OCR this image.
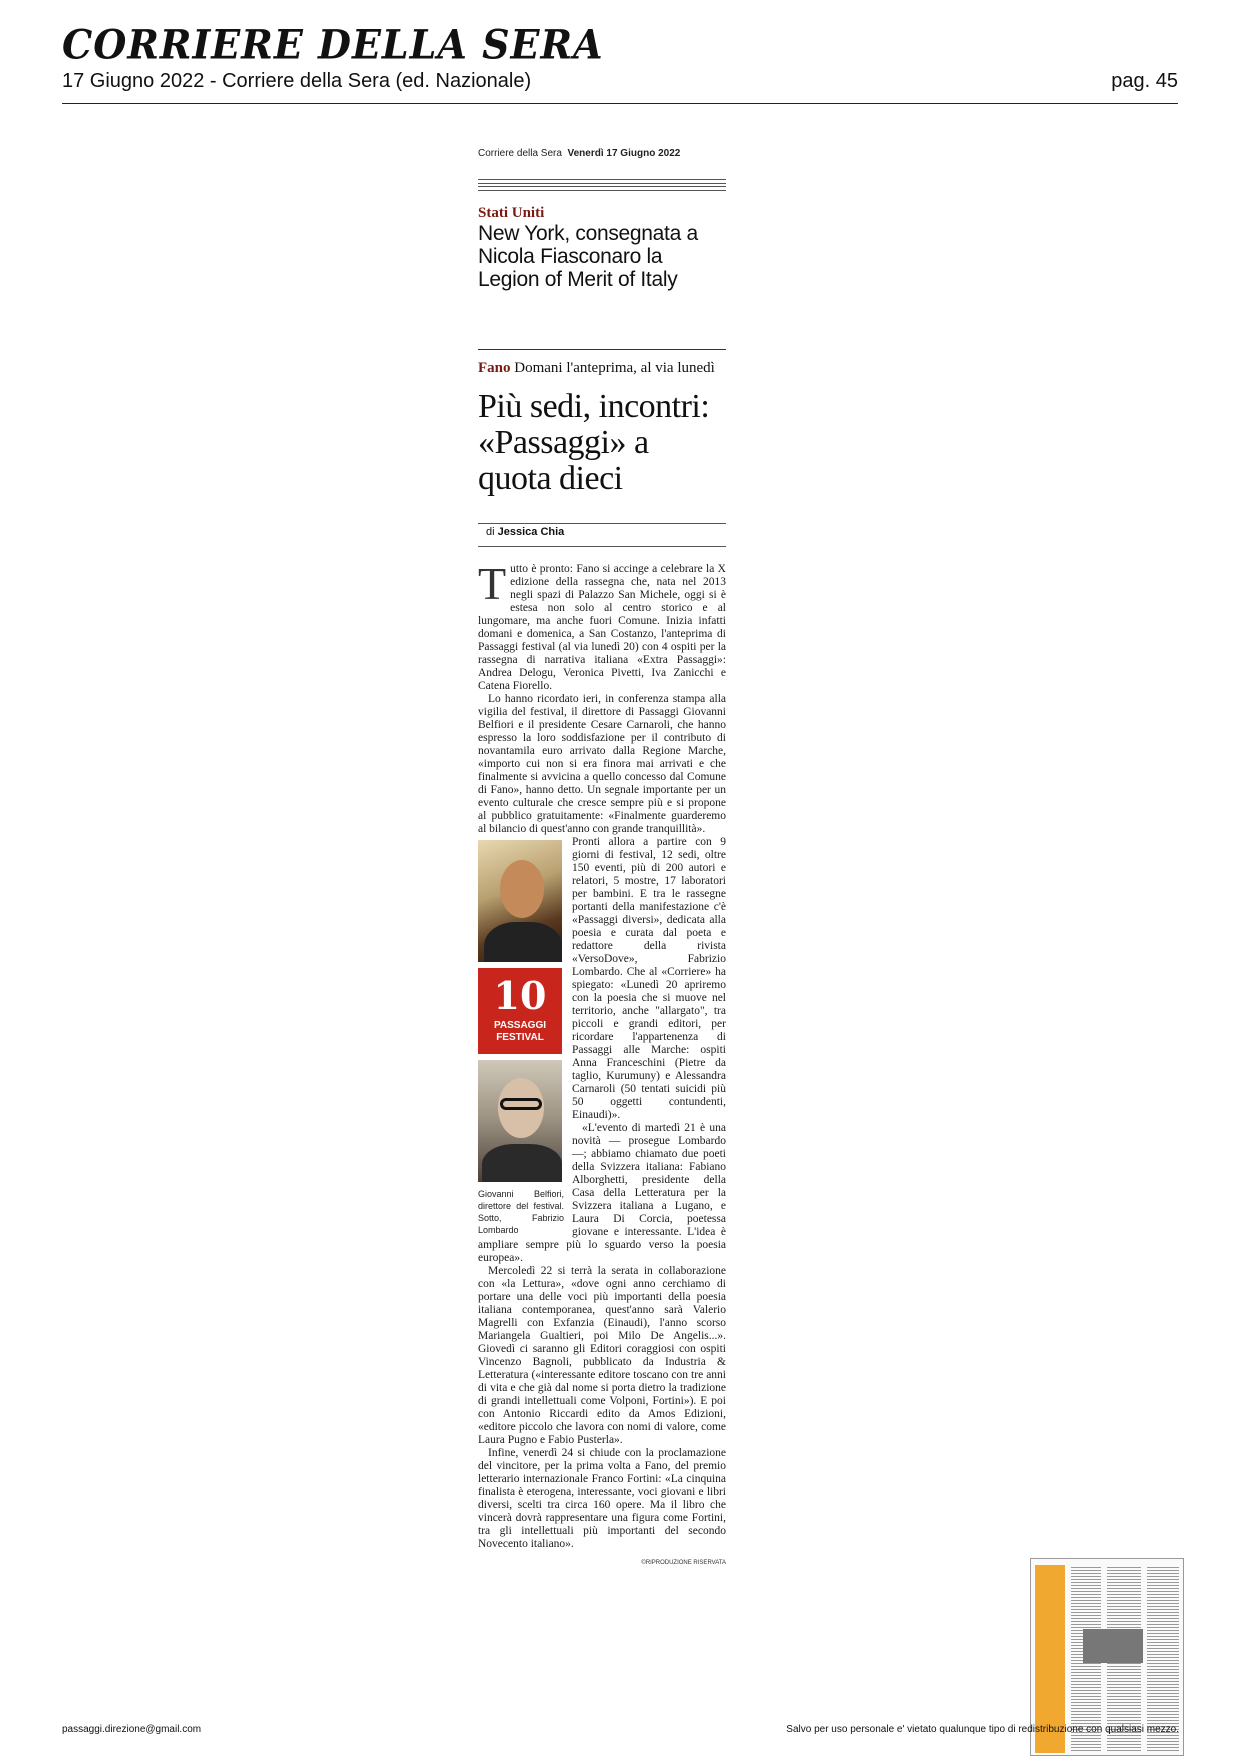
CORRIERE DELLA SERA
17 Giugno 2022 - Corriere della Sera (ed. Nazionale)	pag. 45
Corriere della Sera Venerdì 17 Giugno 2022
Stati Uniti
New York, consegnata a Nicola Fiasconaro la Legion of Merit of Italy
Fano Domani l'anteprima, al via lunedì
Più sedi, incontri: «Passaggi» a quota dieci
di Jessica Chia

Tutto è pronto: Fano si accinge a celebrare la X edizione della rassegna che, nata nel 2013 negli spazi di Palazzo San Michele, oggi si è estesa non solo al centro storico e al lungomare, ma anche fuori Comune. Inizia infatti domani e domenica, a San Costanzo, l'anteprima di Passaggi festival (al via lunedì 20) con 4 ospiti per la rassegna di narrativa italiana «Extra Passaggi»: Andrea Delogu, Veronica Pivetti, Iva Zanicchi e Catena Fiorello.

Lo hanno ricordato ieri, in conferenza stampa alla vigilia del festival, il direttore di Passaggi Giovanni Belfiori e il presidente Cesare Carnaroli, che hanno espresso la loro soddisfazione per il contributo di novantamila euro arrivato dalla Regione Marche, «importo cui non si era finora mai arrivati e che finalmente si avvicina a quello concesso dal Comune di Fano», hanno detto. Un segnale importante per un evento culturale che cresce sempre più e si propone al pubblico gratuitamente: «Finalmente guarderemo al bilancio di quest'anno con grande tranquillità».

10
PASSAGGI
FESTIVAL
Giovanni Belfiori, direttore del festival. Sotto, Fabrizio Lombardo

Pronti allora a partire con 9 giorni di festival, 12 sedi, oltre 150 eventi, più di 200 autori e relatori, 5 mostre, 17 laboratori per bambini. E tra le rassegne portanti della manifestazione c'è «Passaggi diversi», dedicata alla poesia e curata dal poeta e redattore della rivista «VersoDove», Fabrizio Lombardo. Che al «Corriere» ha spiegato: «Lunedì 20 apriremo con la poesia che si muove nel territorio, anche "allargato", tra piccoli e grandi editori, per ricordare l'appartenenza di Passaggi alle Marche: ospiti Anna Franceschini (Pietre da taglio, Kurumuny) e Alessandra Carnaroli (50 tentati suicidi più 50 oggetti contundenti, Einaudi)».

«L'evento di martedì 21 è una novità — prosegue Lombardo —; abbiamo chiamato due poeti della Svizzera italiana: Fabiano Alborghetti, presidente della Casa della Letteratura per la Svizzera italiana a Lugano, e Laura Di Corcia, poetessa giovane e interessante. L'idea è ampliare sempre più lo sguardo verso la poesia europea».

Mercoledì 22 si terrà la serata in collaborazione con «la Lettura», «dove ogni anno cerchiamo di portare una delle voci più importanti della poesia italiana contemporanea, quest'anno sarà Valerio Magrelli con Exfanzia (Einaudi), l'anno scorso Mariangela Gualtieri, poi Milo De Angelis...». Giovedì ci saranno gli Editori coraggiosi con ospiti Vincenzo Bagnoli, pubblicato da Industria & Letteratura («interessante editore toscano con tre anni di vita e che già dal nome si porta dietro la tradizione di grandi intellettuali come Volponi, Fortini»). E poi con Antonio Riccardi edito da Amos Edizioni, «editore piccolo che lavora con nomi di valore, come Laura Pugno e Fabio Pusterla».

Infine, venerdì 24 si chiude con la proclamazione del vincitore, per la prima volta a Fano, del premio letterario internazionale Franco Fortini: «La cinquina finalista è eterogena, interessante, voci giovani e libri diversi, scelti tra circa 160 opere. Ma il libro che vincerà dovrà rappresentare una figura come Fortini, tra gli intellettuali più importanti del secondo Novecento italiano».

©RIPRODUZIONE RISERVATA
passaggi.direzione@gmail.com	Salvo per uso personale e' vietato qualunque tipo di redistribuzione con qualsiasi mezzo.
